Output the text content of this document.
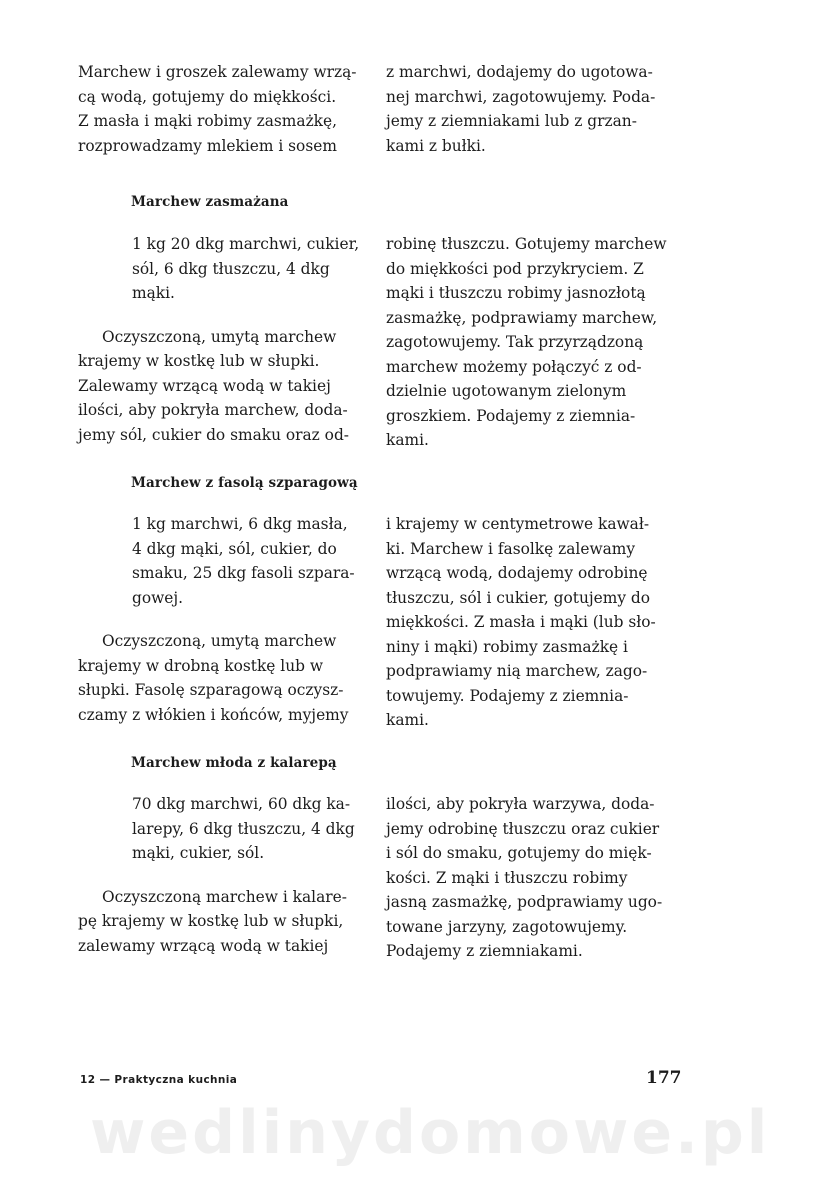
Marchew i groszek zalewamy wrzą-
cą wodą, gotujemy do miękkości.
Z masła i mąki robimy zasmażkę,
rozprowadzamy mlekiem i sosem

z marchwi, dodajemy do ugotowa-
nej marchwi, zagotowujemy. Poda-
jemy z ziemniakami lub z grzan-
kami z bułki.

Marchew zasmażana

1 kg 20 dkg marchwi, cukier,
sól, 6 dkg tłuszczu, 4 dkg
mąki.

Oczyszczoną, umytą marchew
krajemy w kostkę lub w słupki.
Zalewamy wrzącą wodą w takiej
ilości, aby pokryła marchew, doda-
jemy sól, cukier do smaku oraz od-

robinę tłuszczu. Gotujemy marchew
do miękkości pod przykryciem. Z
mąki i tłuszczu robimy jasnozłotą
zasmażkę, podprawiamy marchew,
zagotowujemy. Tak przyrządzoną
marchew możemy połączyć z od-
dzielnie ugotowanym zielonym
groszkiem. Podajemy z ziemnia-
kami.

Marchew z fasolą szparagową

1 kg marchwi, 6 dkg masła,
4 dkg mąki, sól, cukier, do
smaku, 25 dkg fasoli szpara-
gowej.

Oczyszczoną, umytą marchew
krajemy w drobną kostkę lub w
słupki. Fasolę szparagową oczysz-
czamy z włókien i końców, myjemy

i krajemy w centymetrowe kawał-
ki. Marchew i fasolkę zalewamy
wrzącą wodą, dodajemy odrobinę
tłuszczu, sól i cukier, gotujemy do
miękkości. Z masła i mąki (lub sło-
niny i mąki) robimy zasmażkę i
podprawiamy nią marchew, zago-
towujemy. Podajemy z ziemnia-
kami.

Marchew młoda z kalarepą

70 dkg marchwi, 60 dkg ka-
larepy, 6 dkg tłuszczu, 4 dkg
mąki, cukier, sól.

Oczyszczoną marchew i kalare-
pę krajemy w kostkę lub w słupki,
zalewamy wrzącą wodą w takiej

ilości, aby pokryła warzywa, doda-
jemy odrobinę tłuszczu oraz cukier
i sól do smaku, gotujemy do mięk-
kości. Z mąki i tłuszczu robimy
jasną zasmażkę, podprawiamy ugo-
towane jarzyny, zagotowujemy.
Podajemy z ziemniakami.

12 — Praktyczna kuchnia	177
wedlinydomowe.pl
